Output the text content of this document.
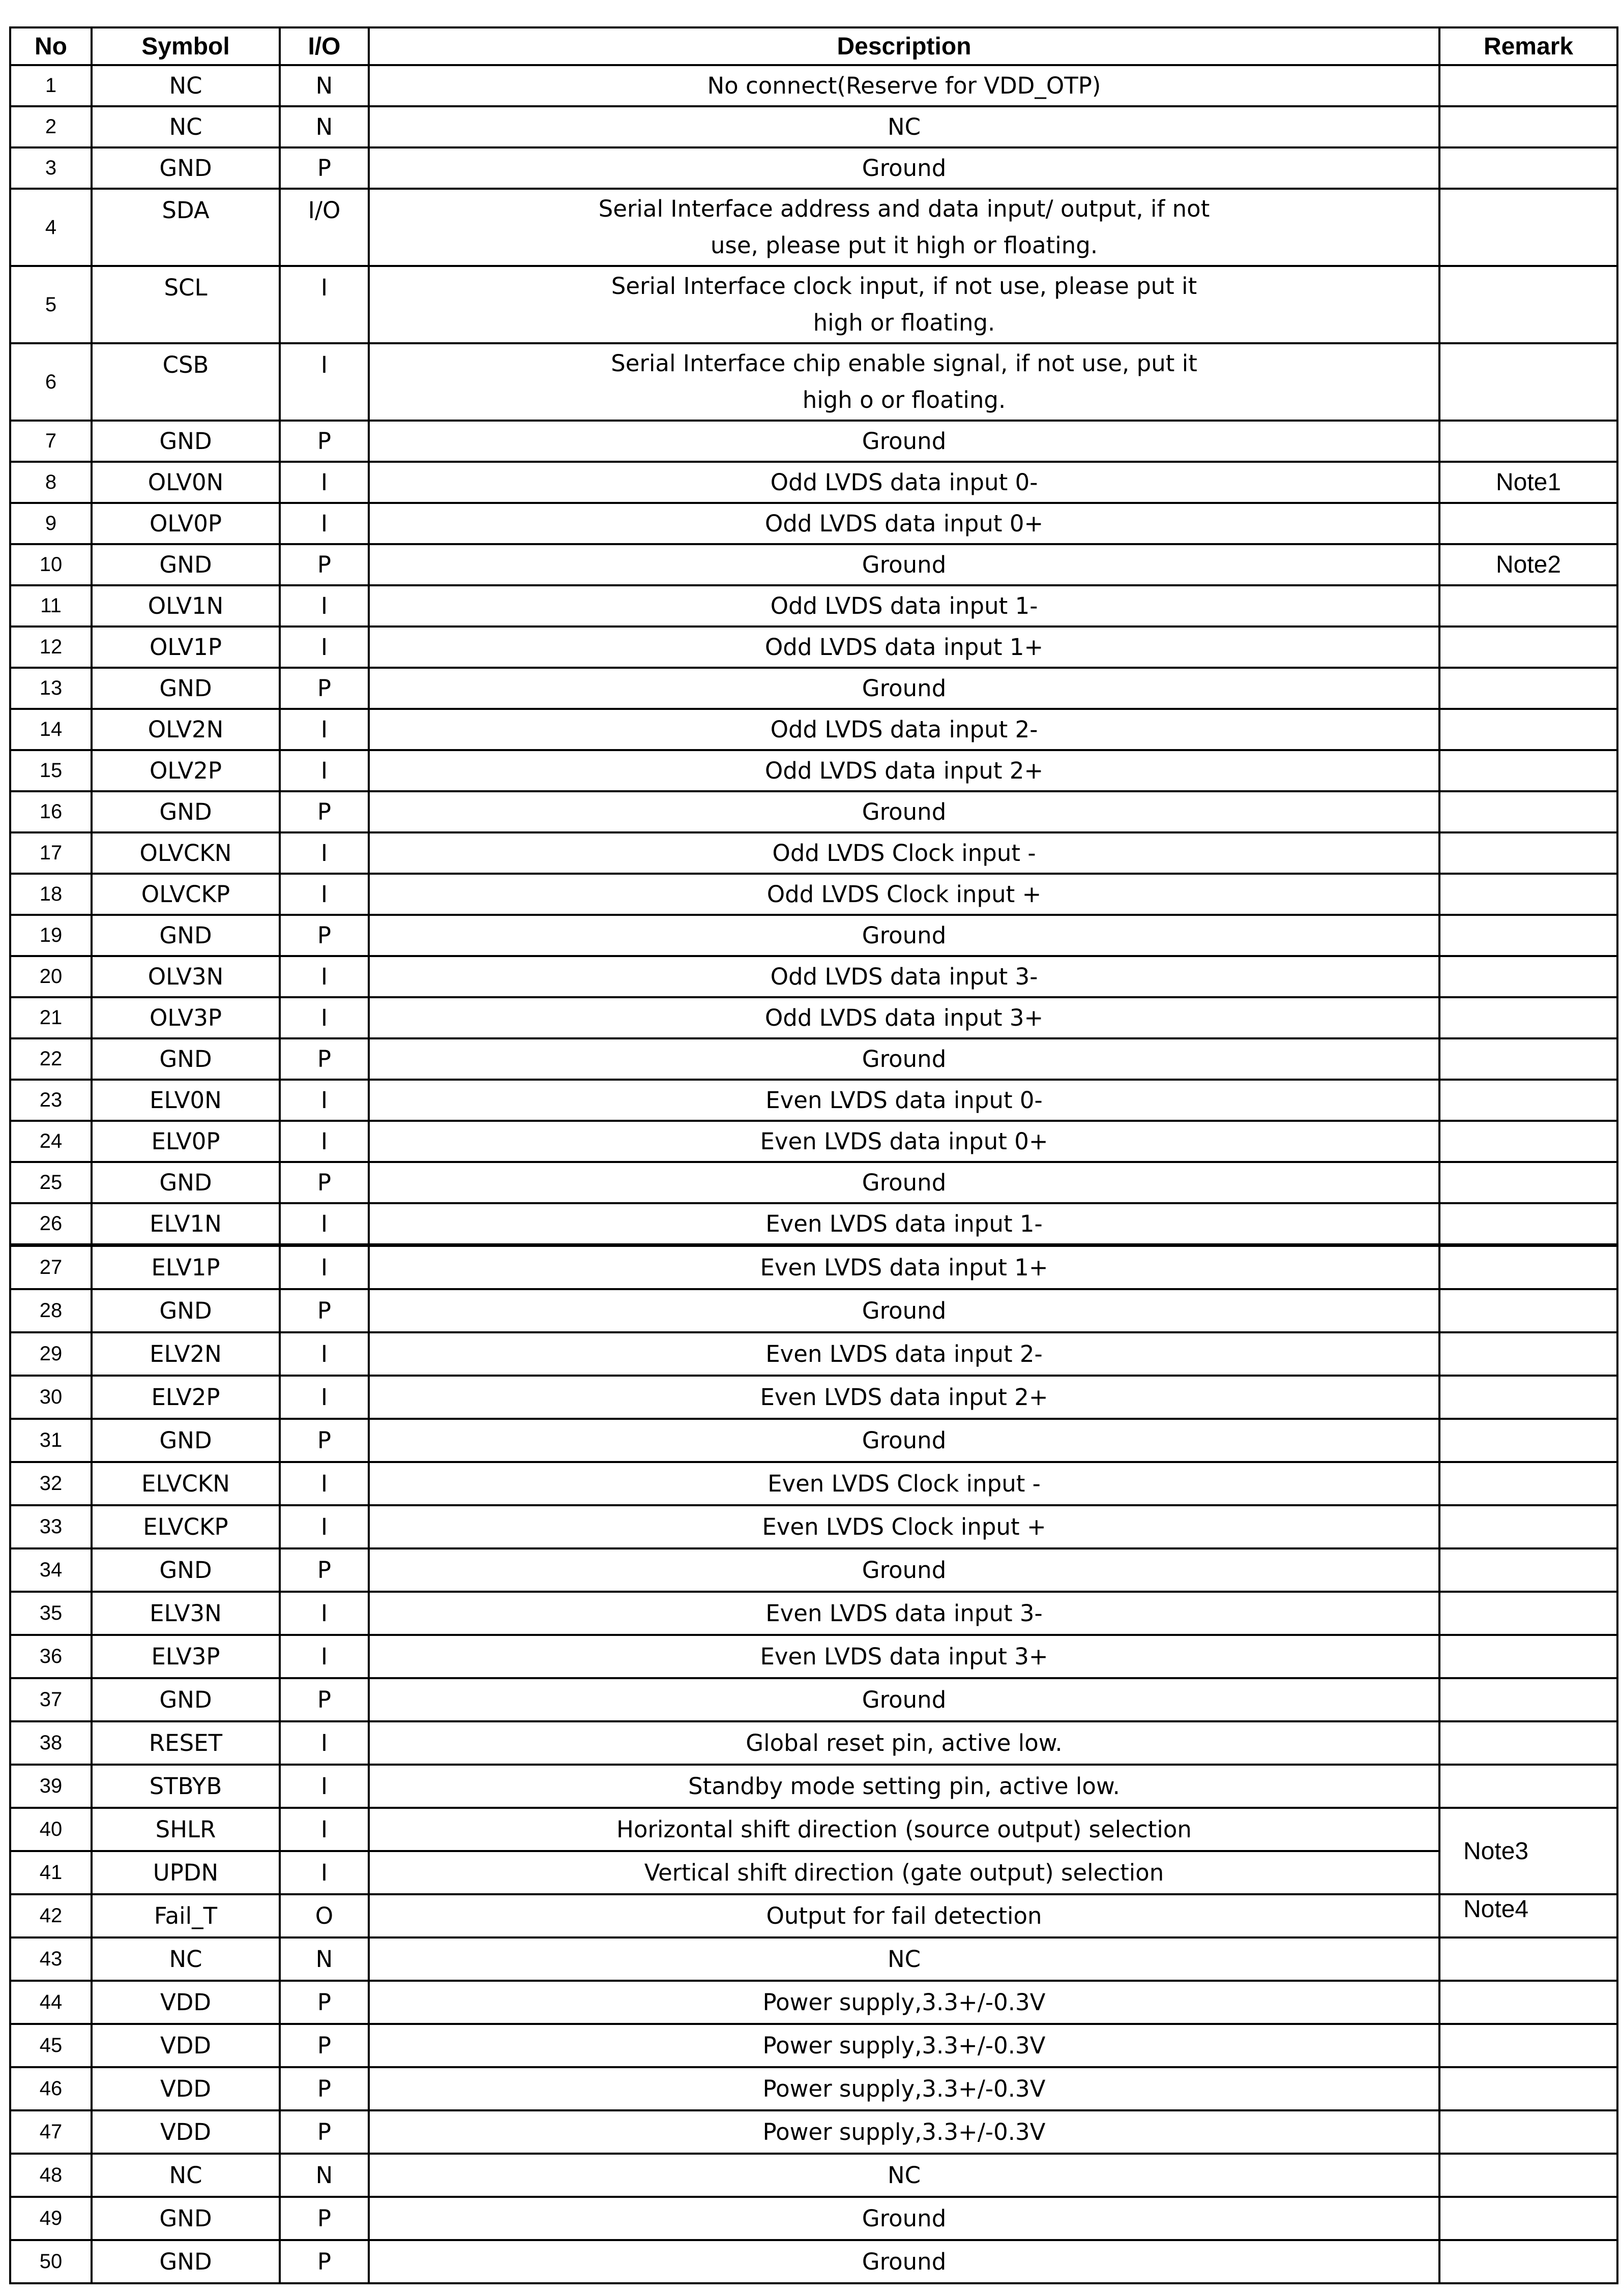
No	Symbol	I/O	Description	Remark
1	NC	N	No connect(Reserve for VDD_OTP)	
2	NC	N	NC	
3	GND	P	Ground	
4	SDA	I/O	Serial Interface address and data input/ output, if not
use, please put it high or floating.	

5	SCL	I	Serial Interface clock input, if not use, please put it
high or floating.	

6	CSB	I	Serial Interface chip enable signal, if not use, put it
high o or floating.	

7	GND	P	Ground	
8	OLV0N	I	Odd LVDS data input 0-	Note1
9	OLV0P	I	Odd LVDS data input 0+	
10	GND	P	Ground	Note2
11	OLV1N	I	Odd LVDS data input 1-	
12	OLV1P	I	Odd LVDS data input 1+	
13	GND	P	Ground	
14	OLV2N	I	Odd LVDS data input 2-	
15	OLV2P	I	Odd LVDS data input 2+	
16	GND	P	Ground	
17	OLVCKN	I	Odd LVDS Clock input -	
18	OLVCKP	I	Odd LVDS Clock input +	
19	GND	P	Ground	
20	OLV3N	I	Odd LVDS data input 3-	
21	OLV3P	I	Odd LVDS data input 3+	
22	GND	P	Ground	
23	ELV0N	I	Even LVDS data input 0-	
24	ELV0P	I	Even LVDS data input 0+	
25	GND	P	Ground	
26	ELV1N	I	Even LVDS data input 1-	
27	ELV1P	I	Even LVDS data input 1+	
28	GND	P	Ground	
29	ELV2N	I	Even LVDS data input 2-	
30	ELV2P	I	Even LVDS data input 2+	
31	GND	P	Ground	
32	ELVCKN	I	Even LVDS Clock input -	
33	ELVCKP	I	Even LVDS Clock input +	
34	GND	P	Ground	
35	ELV3N	I	Even LVDS data input 3-	
36	ELV3P	I	Even LVDS data input 3+	
37	GND	P	Ground	
38	RESET	I	Global reset pin, active low.	
39	STBYB	I	Standby mode setting pin, active low.	
40	SHLR	I	Horizontal shift direction (source output) selection	Note3
41	UPDN	I	Vertical shift direction (gate output) selection	
42	Fail_T	O	Output for fail detection	Note4
43	NC	N	NC	
44	VDD	P	Power supply,3.3+/-0.3V	
45	VDD	P	Power supply,3.3+/-0.3V	
46	VDD	P	Power supply,3.3+/-0.3V	
47	VDD	P	Power supply,3.3+/-0.3V	
48	NC	N	NC	
49	GND	P	Ground	
50	GND	P	Ground	
